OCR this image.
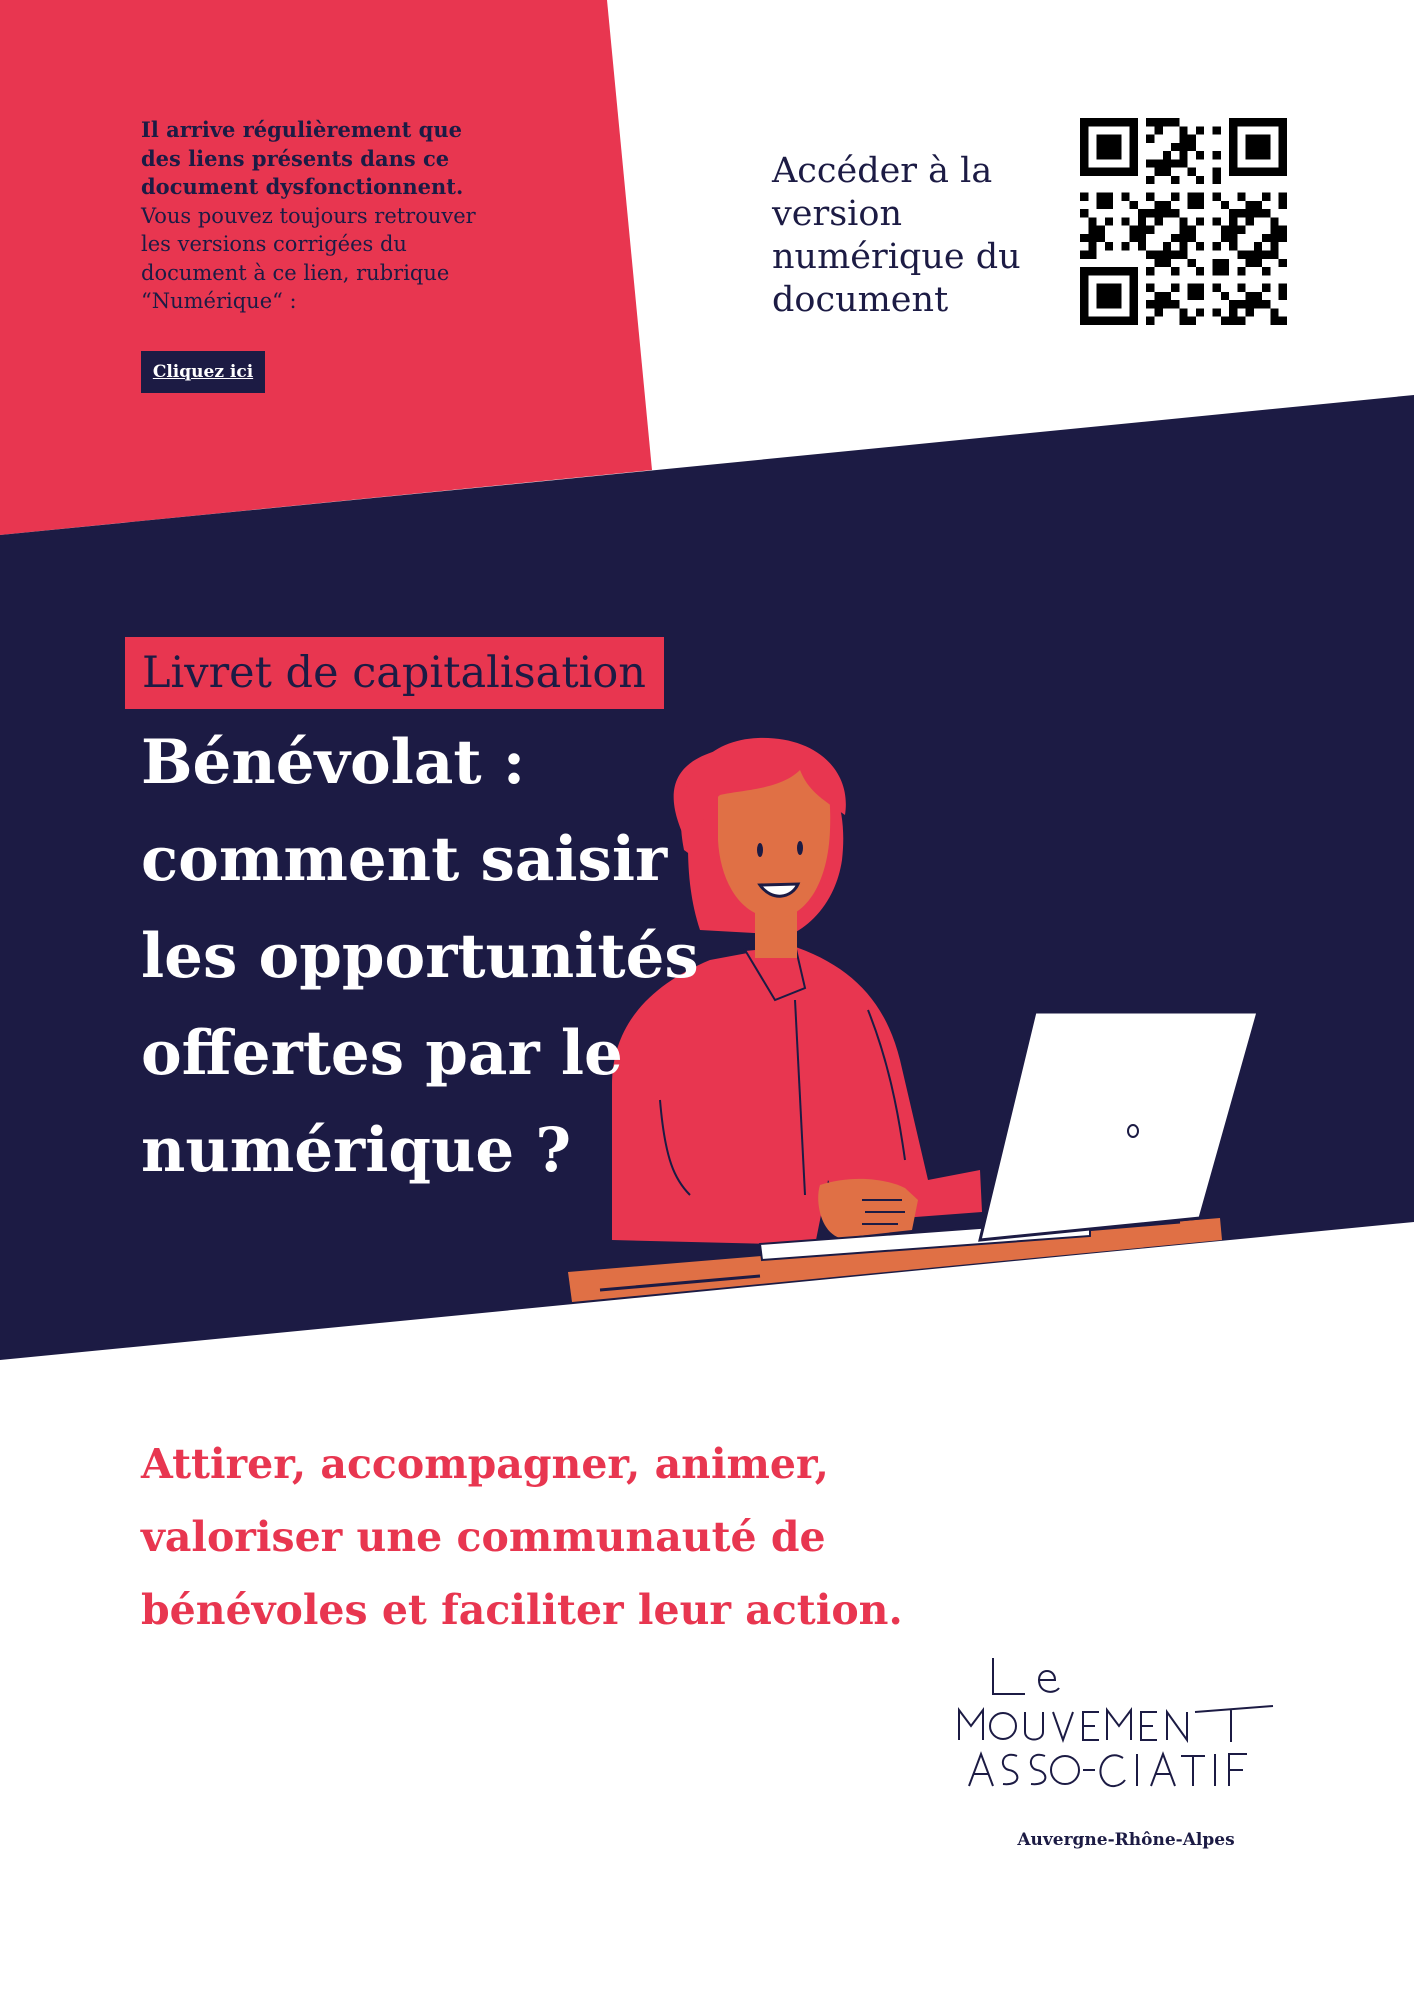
Il arrive régulièrement que des liens présents dans ce document dysfonctionnent. Vous pouvez toujours retrouver les versions corrigées du document à ce lien, rubrique “Numérique“ :
Cliquez ici
Accéder à la version numérique du document
Livret de capitalisation
Bénévolat : comment saisir les opportunités offertes par le numérique ?

Attirer, accompagner, animer, valoriser une communauté de bénévoles et faciliter leur action.

Auvergne-Rhône-Alpes
